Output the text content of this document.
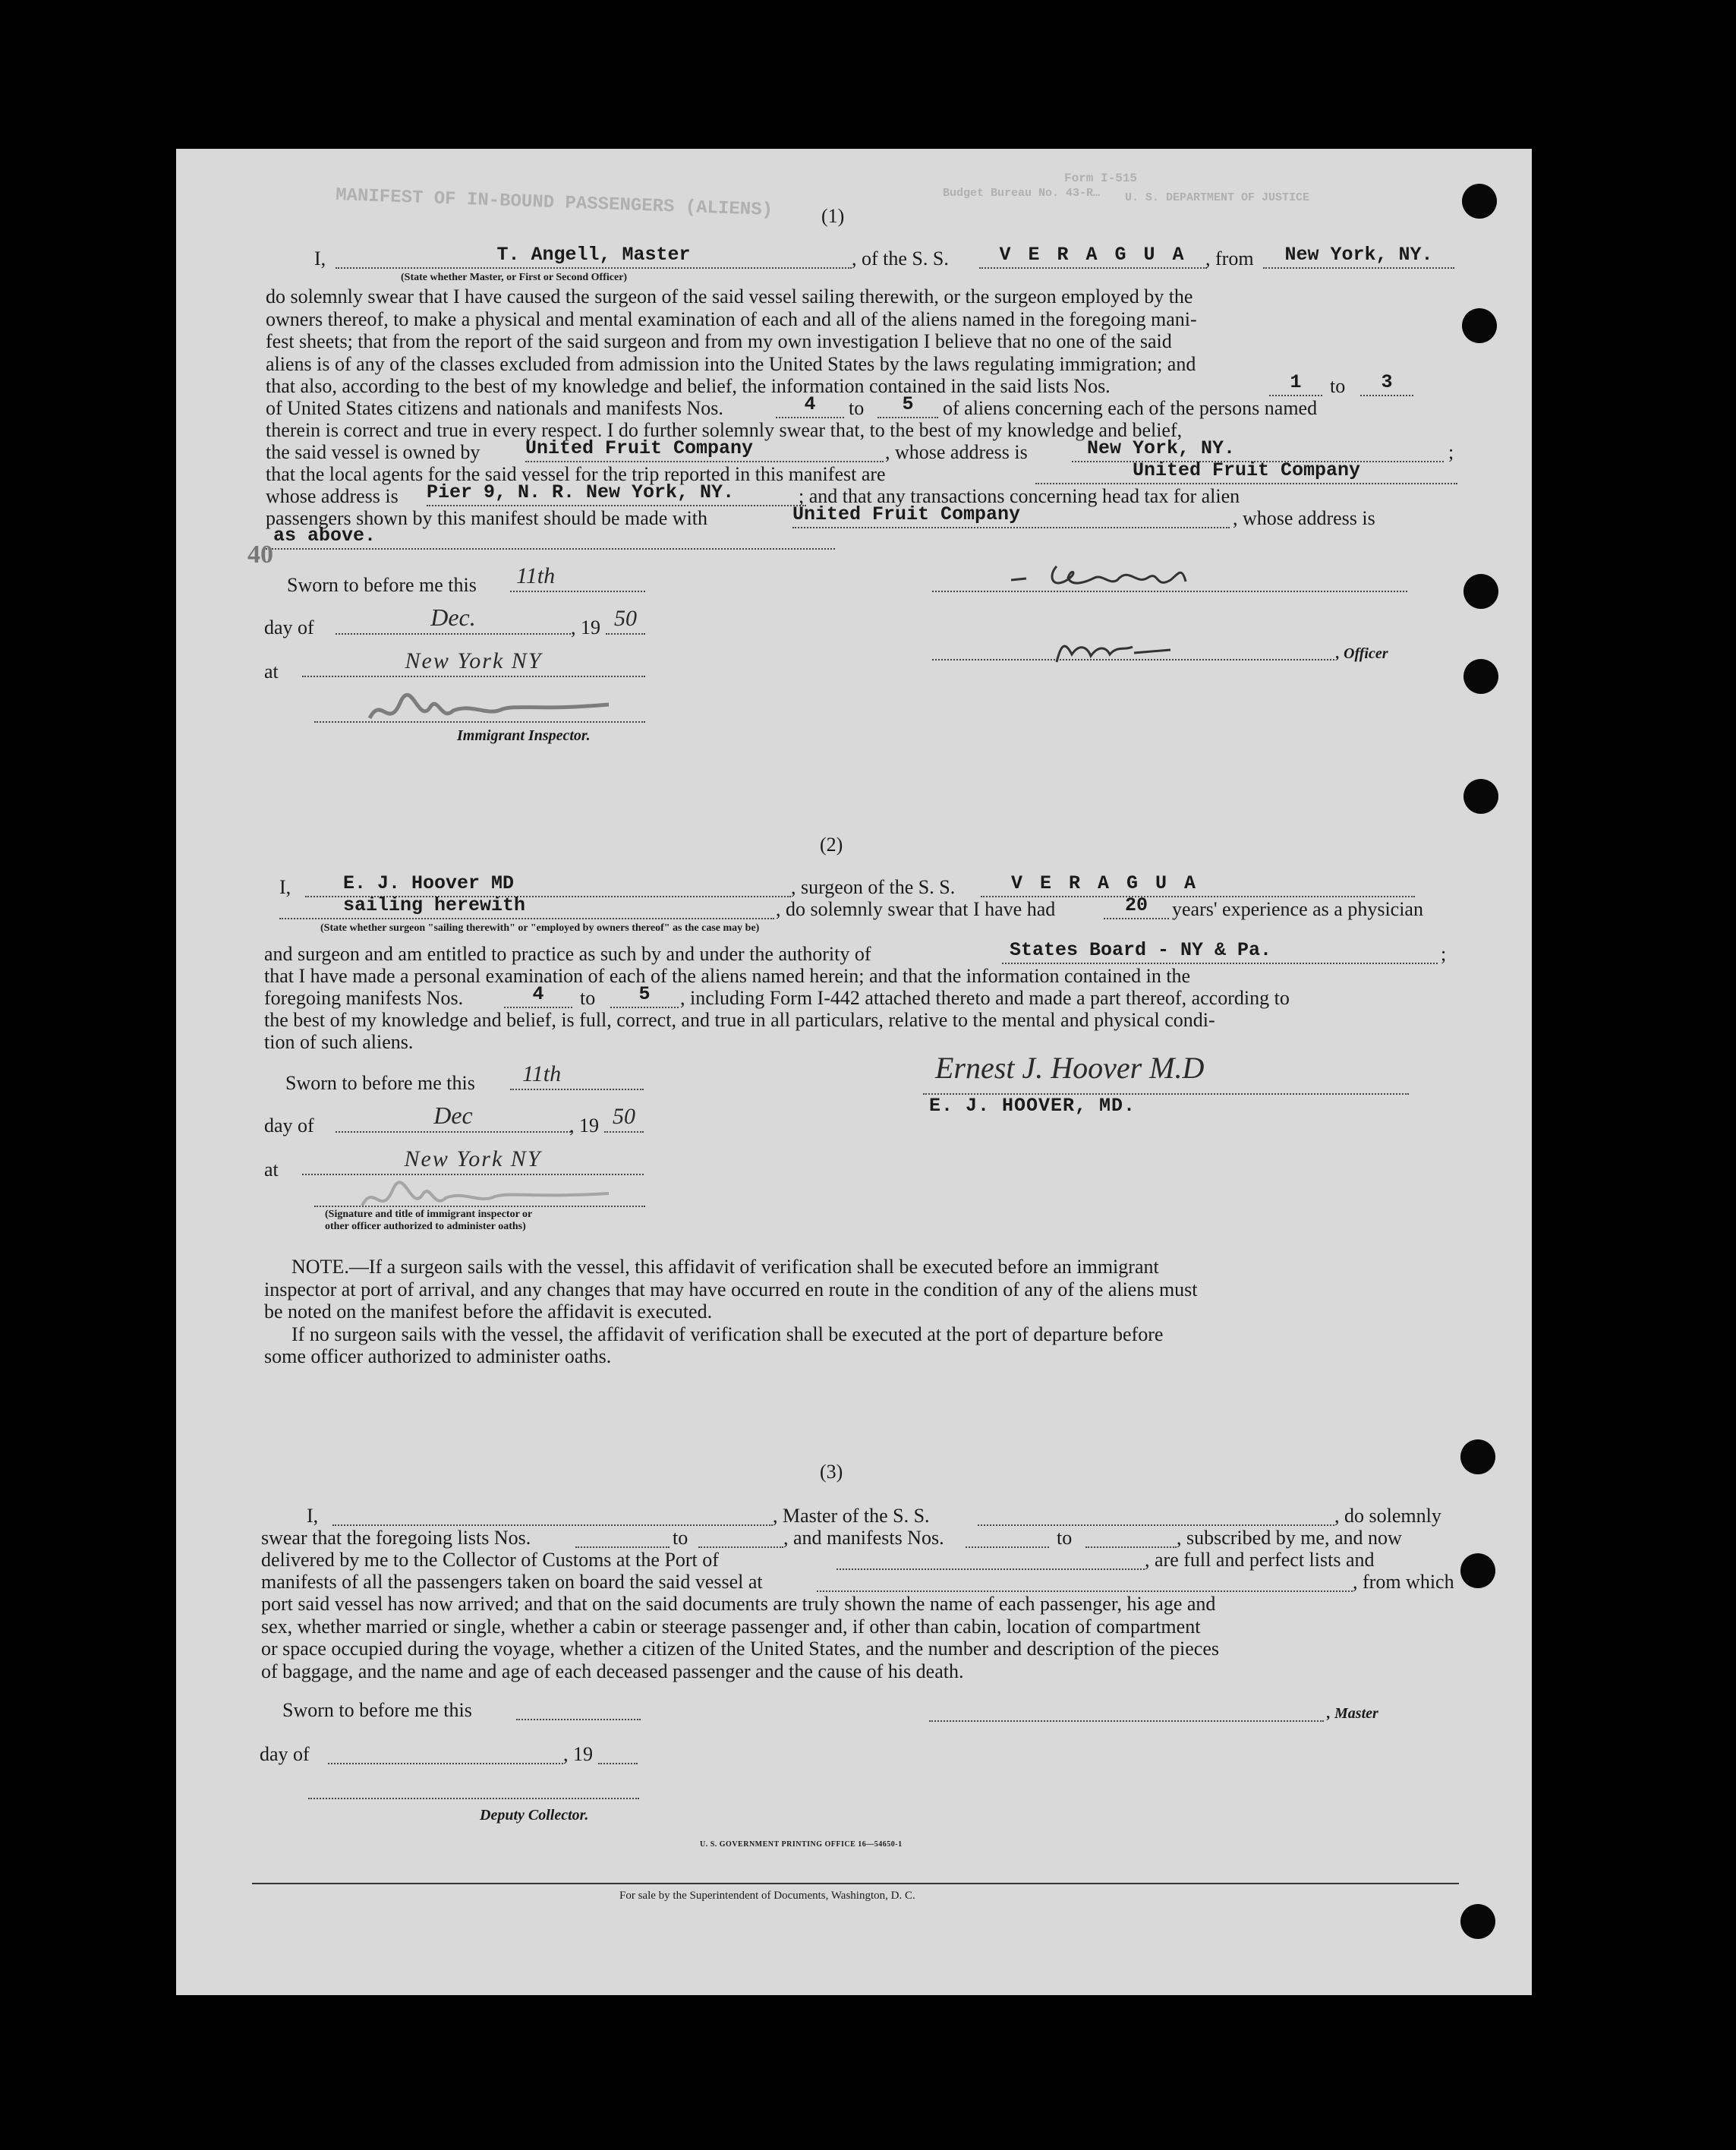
MANIFEST OF IN-BOUND PASSENGERS (ALIENS)
Form I-515
Budget Bureau No. 43-R… U. S. DEPARTMENT OF JUSTICE
(1)
I,	T. Angell, Master
(State whether Master, or First or Second Officer)
, of the S. S.	V E R A G U A , from	New York, NY.
do solemnly swear that I have caused the surgeon of the said vessel sailing therewith, or the surgeon employed by the
owners thereof, to make a physical and mental examination of each and all of the aliens named in the foregoing mani-
fest sheets; that from the report of the said surgeon and from my own investigation I believe that no one of the said
aliens is of any of the classes excluded from admission into the United States by the laws regulating immigration; and
that also, according to the best of my knowledge and belief, the information contained in the said lists Nos.	1	to	3
of United States citizens and nationals and manifests Nos.	4	to	5	of aliens concerning each of the persons named
therein is correct and true in every respect. I do further solemnly swear that, to the best of my knowledge and belief,
the said vessel is owned by United Fruit Company	, whose address is	New York, NY.	;
that the local agents for the said vessel for the trip reported in this manifest are	United Fruit Company
whose address is Pier 9, N. R. New York, NY.	; and that any transactions concerning head tax for alien
passengers shown by this manifest should be made with	United Fruit Company	, whose address is
as above.
40
Sworn to before me this 11th
day of	Dec.	, 19 50
at	New York NY
Immigrant Inspector.
, Officer
(2)
I,	E. J. Hoover MD	, surgeon of the S. S.	V E R A G U A
sailing herewith	, do solemnly swear that I have had	20	years' experience as a physician
(State whether surgeon "sailing therewith" or "employed by owners thereof" as the case may be)
and surgeon and am entitled to practice as such by and under the authority of	States Board - NY & Pa.	;
that I have made a personal examination of each of the aliens named herein; and that the information contained in the
foregoing manifests Nos.	4	to	5	, including Form I-442 attached thereto and made a part thereof, according to
the best of my knowledge and belief, is full, correct, and true in all particulars, relative to the mental and physical condi-
tion of such aliens.
Sworn to before me this	11th
day of	Dec	, 19 50
at	New York NY
(Signature and title of immigrant inspector or
other officer authorized to administer oaths)
Ernest J. Hoover M.D
E. J. HOOVER, MD.
NOTE.—If a surgeon sails with the vessel, this affidavit of verification shall be executed before an immigrant
inspector at port of arrival, and any changes that may have occurred en route in the condition of any of the aliens must
be noted on the manifest before the affidavit is executed.
If no surgeon sails with the vessel, the affidavit of verification shall be executed at the port of departure before
some officer authorized to administer oaths.
(3)
I,	, Master of the S. S.	, do solemnly
swear that the foregoing lists Nos.	to	, and manifests Nos.	to	, subscribed by me, and now
delivered by me to the Collector of Customs at the Port of	, are full and perfect lists and
manifests of all the passengers taken on board the said vessel at	, from which
port said vessel has now arrived; and that on the said documents are truly shown the name of each passenger, his age and
sex, whether married or single, whether a cabin or steerage passenger and, if other than cabin, location of compartment
or space occupied during the voyage, whether a citizen of the United States, and the number and description of the pieces
of baggage, and the name and age of each deceased passenger and the cause of his death.
Sworn to before me this
day of	, 19
Deputy Collector.
, Master
U. S. GOVERNMENT PRINTING OFFICE 16—54650-1
For sale by the Superintendent of Documents, Washington, D. C.
